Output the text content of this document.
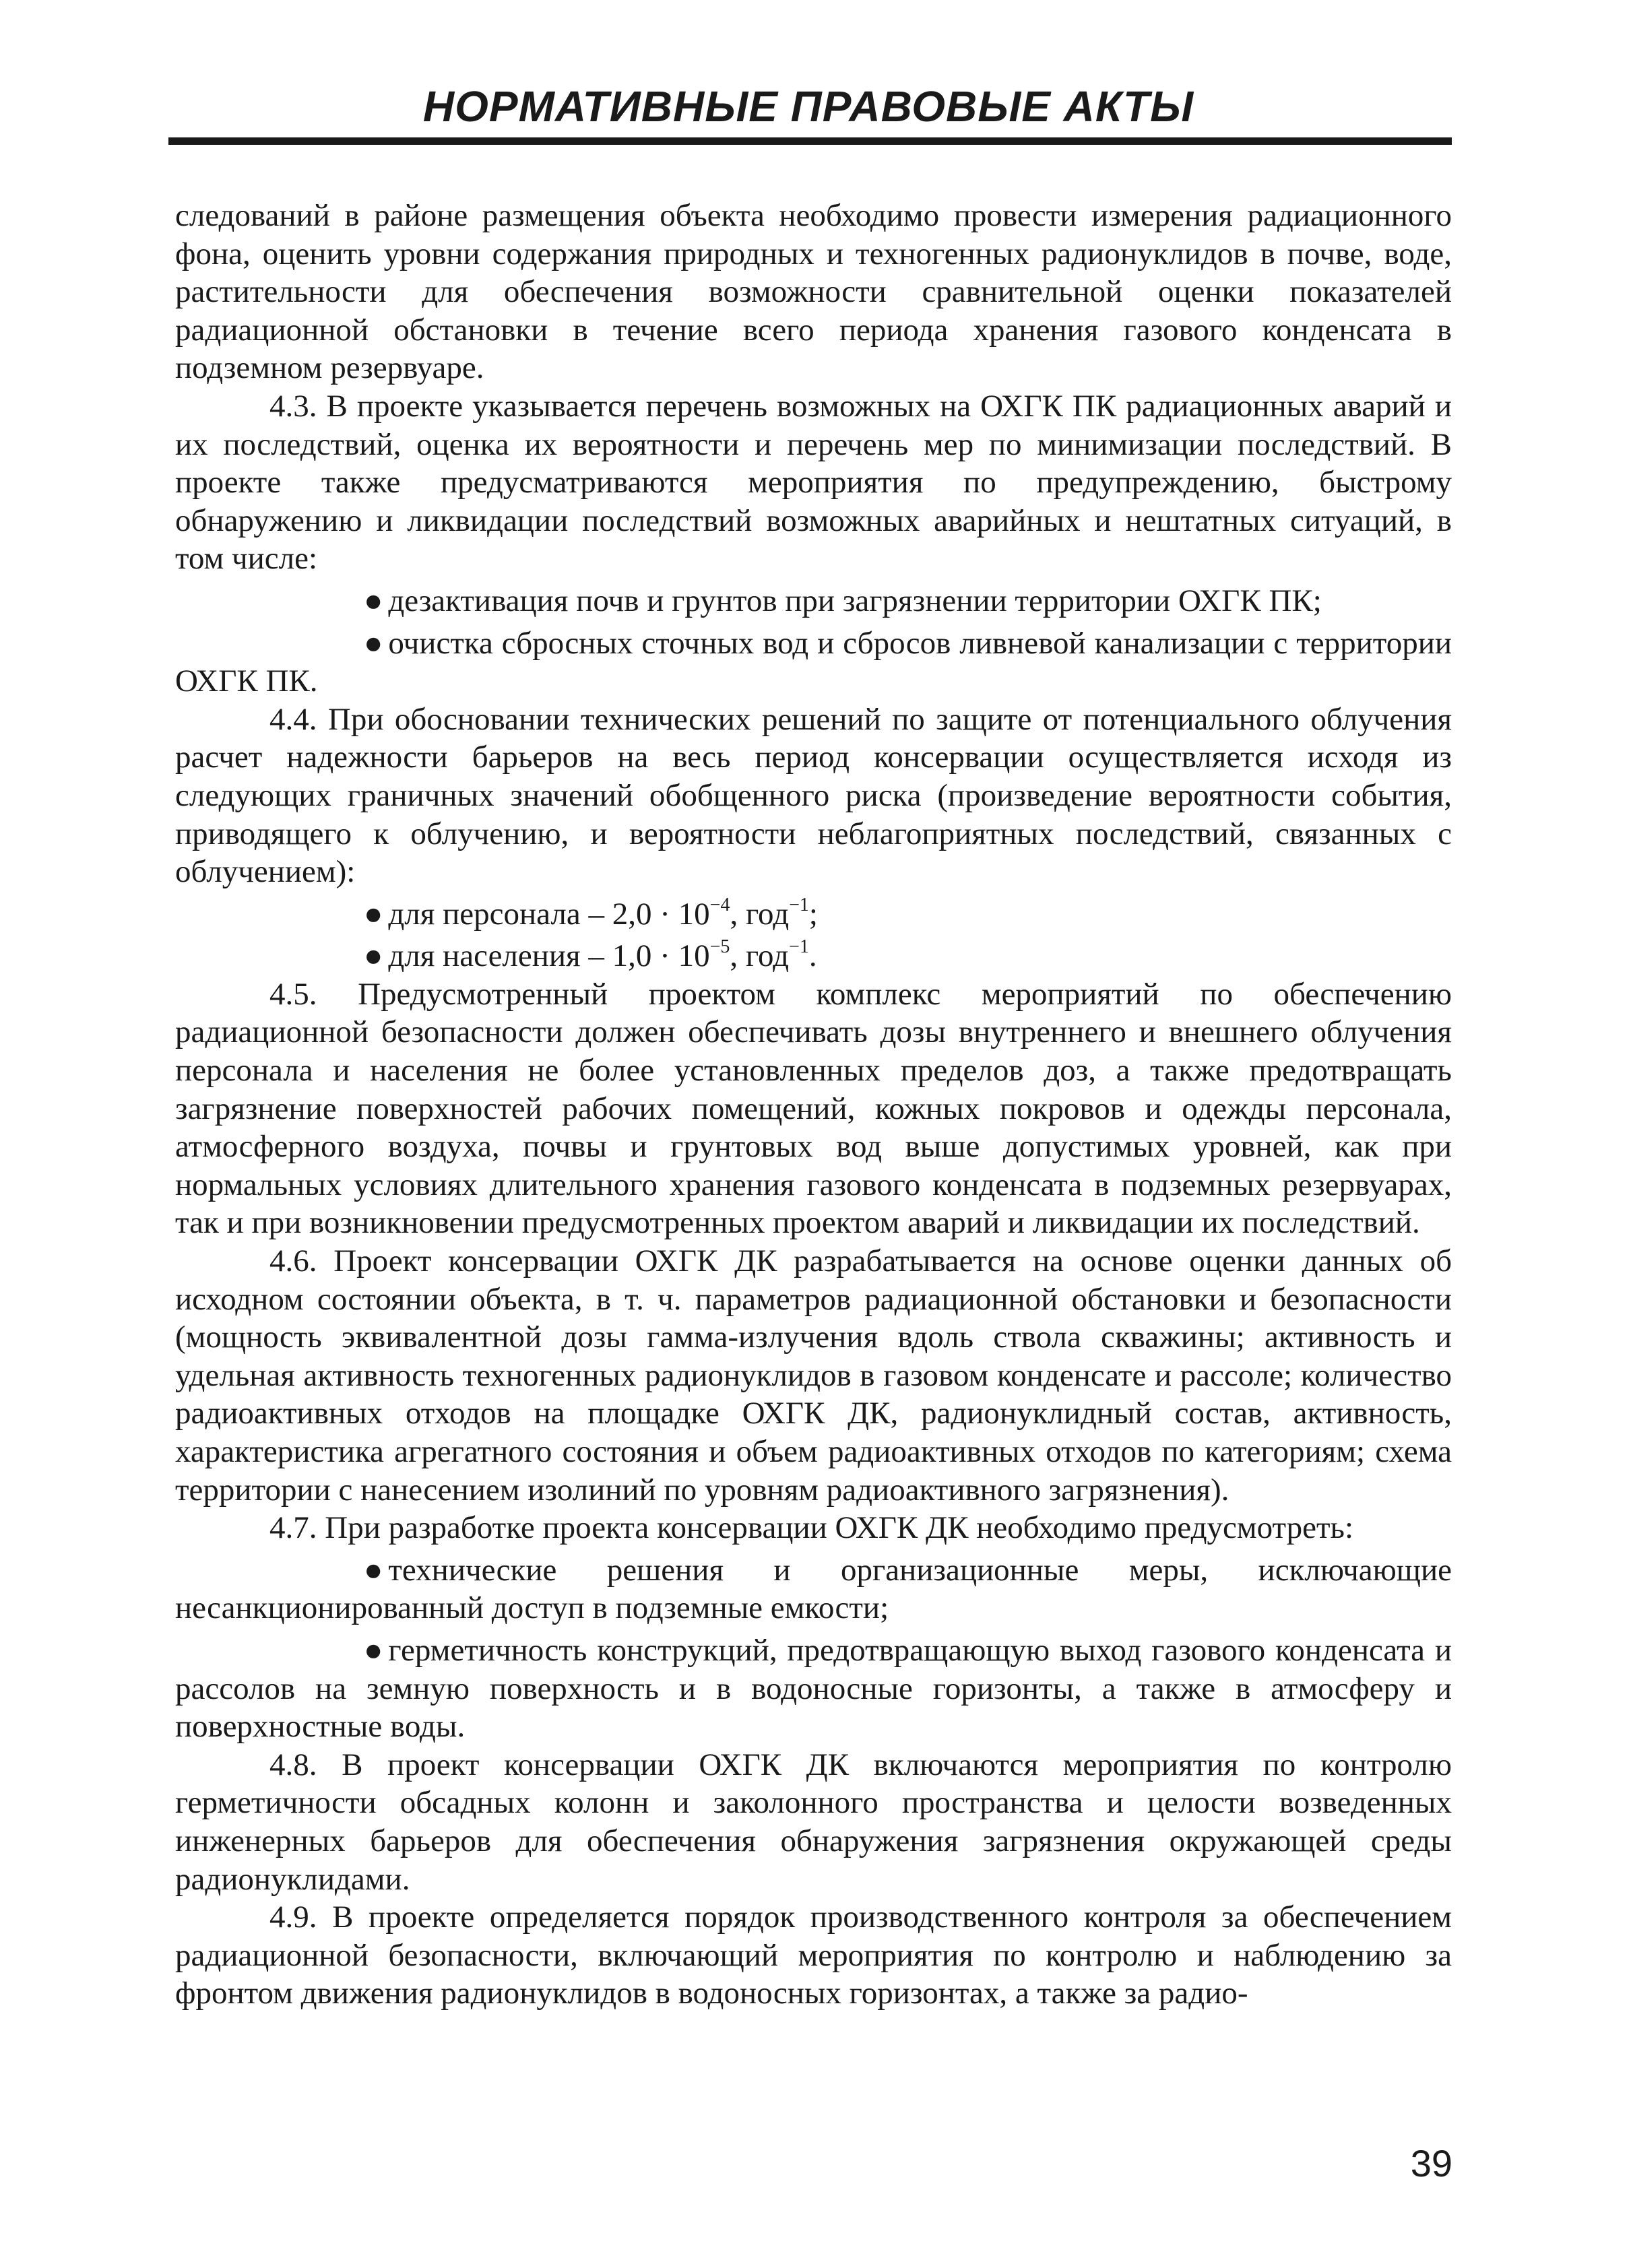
НОРМАТИВНЫЕ ПРАВОВЫЕ АКТЫ

следований в районе размещения объекта необходимо провести измерения радиационного фона, оценить уровни содержания природных и техногенных радионуклидов в почве, воде, растительности для обеспечения возможности сравнительной оценки показателей радиационной обстановки в течение всего периода хранения газового конденсата в подземном резервуаре.

4.3. В проекте указывается перечень возможных на ОХГК ПК радиационных аварий и их последствий, оценка их вероятности и перечень мер по минимизации последствий. В проекте также предусматриваются мероприятия по предупреждению, быстрому обнаружению и ликвидации последствий возможных аварийных и нештатных ситуаций, в том числе:

● дезактивация почв и грунтов при загрязнении территории ОХГК ПК;

● очистка сбросных сточных вод и сбросов ливневой канализации с территории ОХГК ПК.

4.4. При обосновании технических решений по защите от потенциального облучения расчет надежности барьеров на весь период консервации осуществляется исходя из следующих граничных значений обобщенного риска (произведение вероятности события, приводящего к облучению, и вероятности неблагоприятных последствий, связанных с облучением):

● для персонала – $2,0 \cdot 10^{-4}$, год$^{-1}$;

● для населения – $1,0 \cdot 10^{-5}$, год$^{-1}$.

4.5. Предусмотренный проектом комплекс мероприятий по обеспечению радиационной безопасности должен обеспечивать дозы внутреннего и внешнего облучения персонала и населения не более установленных пределов доз, а также предотвращать загрязнение поверхностей рабочих помещений, кожных покровов и одежды персонала, атмосферного воздуха, почвы и грунтовых вод выше допустимых уровней, как при нормальных условиях длительного хранения газового конденсата в подземных резервуарах, так и при возникновении предусмотренных проектом аварий и ликвидации их последствий.

4.6. Проект консервации ОХГК ДК разрабатывается на основе оценки данных об исходном состоянии объекта, в т. ч. параметров радиационной обстановки и безопасности (мощность эквивалентной дозы гамма-излучения вдоль ствола скважины; активность и удельная активность техногенных радионуклидов в газовом конденсате и рассоле; количество радиоактивных отходов на площадке ОХГК ДК, радионуклидный состав, активность, характеристика агрегатного состояния и объем радиоактивных отходов по категориям; схема территории с нанесением изолиний по уровням радиоактивного загрязнения).

4.7. При разработке проекта консервации ОХГК ДК необходимо предусмотреть:

● технические решения и организационные меры, исключающие несанкционированный доступ в подземные емкости;

● герметичность конструкций, предотвращающую выход газового конденсата и рассолов на земную поверхность и в водоносные горизонты, а также в атмосферу и поверхностные воды.

4.8. В проект консервации ОХГК ДК включаются мероприятия по контролю герметичности обсадных колонн и заколонного пространства и целости возведенных инженерных барьеров для обеспечения обнаружения загрязнения окружающей среды радионуклидами.

4.9. В проекте определяется порядок производственного контроля за обеспечением радиационной безопасности, включающий мероприятия по контролю и наблюдению за фронтом движения радионуклидов в водоносных горизонтах, а также за радио-

39
